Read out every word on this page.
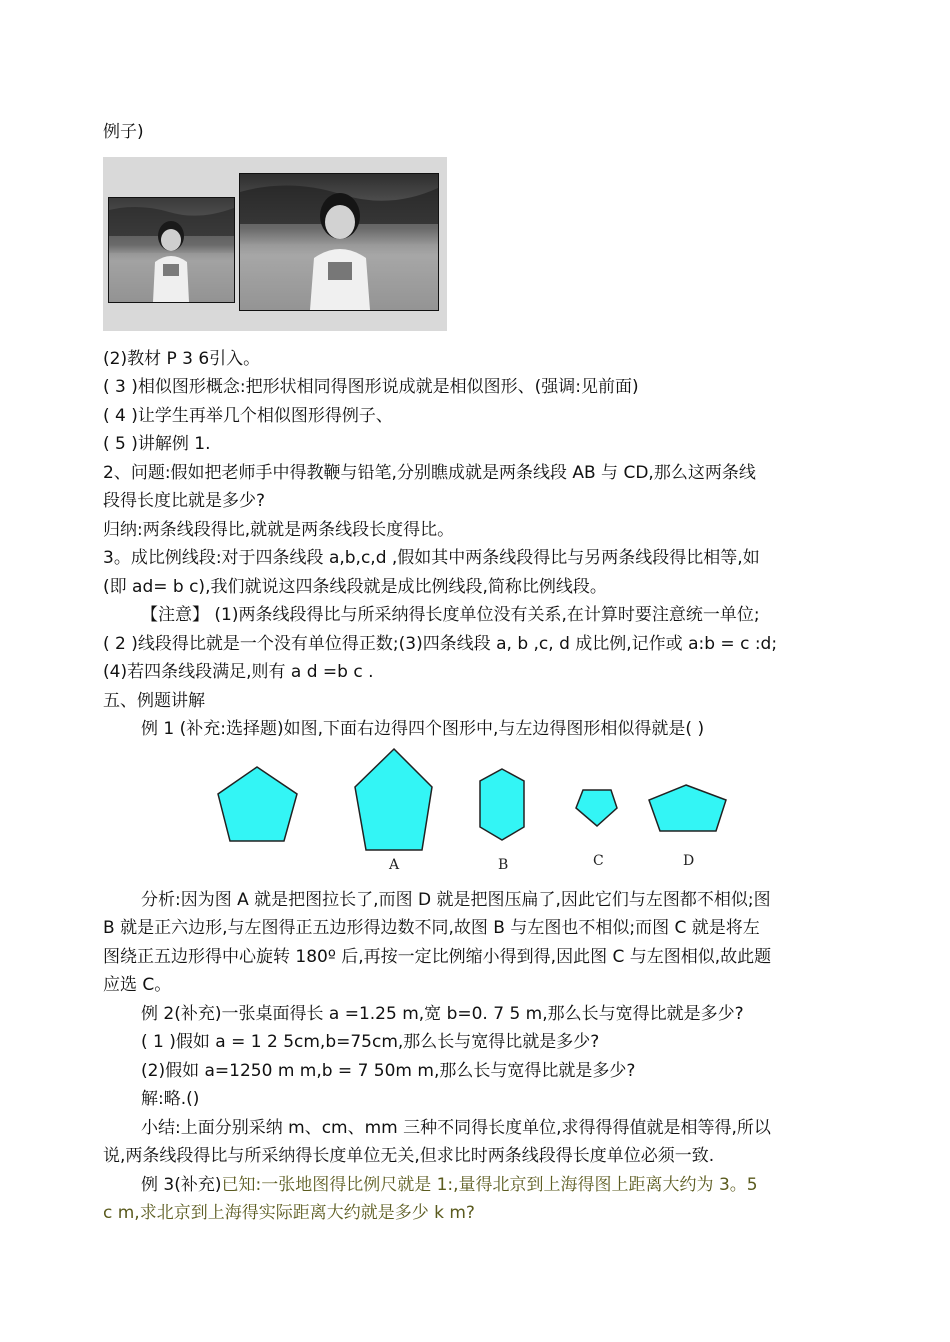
例子)
(2)教材 P 3 6引入。
( 3 )相似图形概念:把形状相同得图形说成就是相似图形、(强调:见前面)
( 4 )让学生再举几个相似图形得例子、
( 5 )讲解例 1.
2、问题:假如把老师手中得教鞭与铅笔,分别瞧成就是两条线段 AB 与 CD,那么这两条线
段得长度比就是多少?
归纳:两条线段得比,就就是两条线段长度得比。
3。成比例线段:对于四条线段 a,b,c,d ,假如其中两条线段得比与另两条线段得比相等,如
(即 ad= b c),我们就说这四条线段就是成比例线段,简称比例线段。
【注意】 (1)两条线段得比与所采纳得长度单位没有关系,在计算时要注意统一单位;
( 2 )线段得比就是一个没有单位得正数;(3)四条线段 a, b ,c, d 成比例,记作或 a:b = c :d;
(4)若四条线段满足,则有 a d =b c .
五、例题讲解
例 1 (补充:选择题)如图,下面右边得四个图形中,与左边得图形相似得就是( )
A	B	C	D
分析:因为图 A 就是把图拉长了,而图 D 就是把图压扁了,因此它们与左图都不相似;图
B 就是正六边形,与左图得正五边形得边数不同,故图 B 与左图也不相似;而图 C 就是将左
图绕正五边形得中心旋转 180º 后,再按一定比例缩小得到得,因此图 C 与左图相似,故此题
应选 C。
例 2(补充)一张桌面得长 a =1.25 m,宽 b=0. 7 5 m,那么长与宽得比就是多少?
( 1 )假如 a = 1 2 5cm,b=75cm,那么长与宽得比就是多少?
(2)假如 a=1250 m m,b = 7 50m m,那么长与宽得比就是多少?
解:略.()
小结:上面分别采纳 m、cm、mm 三种不同得长度单位,求得得得值就是相等得,所以
说,两条线段得比与所采纳得长度单位无关,但求比时两条线段得长度单位必须一致.
例 3(补充)已知:一张地图得比例尺就是 1:,量得北京到上海得图上距离大约为 3。5
c m,求北京到上海得实际距离大约就是多少 k m?
